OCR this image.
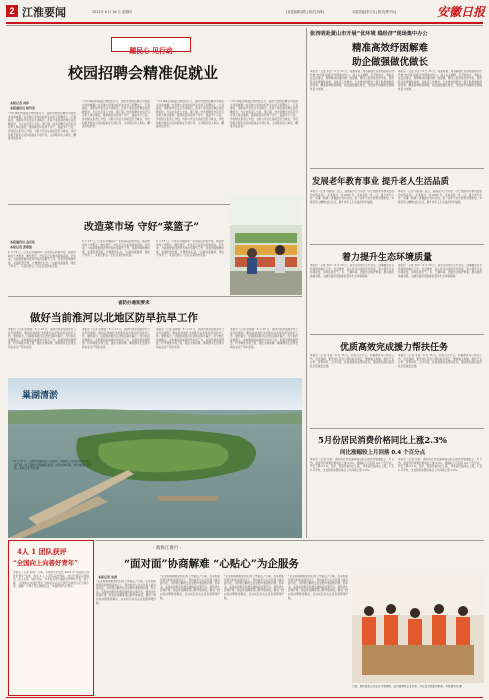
2 江淮要闻	2022年 6 月 16 日 星期四	[省委编辑部报] 版式[刘涛]	本版责编[李文永] 版式[傅中兵]	安徽日报
踵民心 见行动
校园招聘会精准促就业
本报记者 刘洋
本报通讯员 杨竹青
“今年求职的氛围让我倍感压力，因此学校的招聘会对我而言非常重要。”在安徽大学举办的毕业生线下招聘会上，记者看到，求职的毕业生们手拿简历，在各个展位前咨询企业招聘需求，与企业负责人交流。据了解，此次招聘会共有近百家用人单位参加，提供就业岗位两千余个，涵盖多个行业。学校相关负责人介绍，为助力毕业生高质量充分就业，学校积极开展访企拓岗促就业专项行动，主动联系用人单位，精准对接需求。
“今年求职的氛围让我倍感压力，因此学校的招聘会对我而言非常重要。”在安徽大学举办的毕业生线下招聘会上，记者看到，求职的毕业生们手拿简历，在各个展位前咨询企业招聘需求，与企业负责人交流。据了解，此次招聘会共有近百家用人单位参加，提供就业岗位两千余个，涵盖多个行业。学校相关负责人介绍，为助力毕业生高质量充分就业，学校积极开展访企拓岗促就业专项行动，主动联系用人单位，精准对接需求。
“今年求职的氛围让我倍感压力，因此学校的招聘会对我而言非常重要。”在安徽大学举办的毕业生线下招聘会上，记者看到，求职的毕业生们手拿简历，在各个展位前咨询企业招聘需求，与企业负责人交流。据了解，此次招聘会共有近百家用人单位参加，提供就业岗位两千余个，涵盖多个行业。学校相关负责人介绍，为助力毕业生高质量充分就业，学校积极开展访企拓岗促就业专项行动，主动联系用人单位，精准对接需求。
“今年求职的氛围让我倍感压力，因此学校的招聘会对我而言非常重要。”在安徽大学举办的毕业生线下招聘会上，记者看到，求职的毕业生们手拿简历，在各个展位前咨询企业招聘需求，与企业负责人交流。据了解，此次招聘会共有近百家用人单位参加，提供就业岗位两千余个，涵盖多个行业。学校相关负责人介绍，为助力毕业生高质量充分就业，学校积极开展访企拓岗促就业专项行动，主动联系用人单位，精准对接需求。
改造菜市场 守好“菜篮子”
本报通讯员 金亮佑
本报记者 张敬波
6 月 15 日，记者走进铜陵市一家改造后的菜市场，看到市场内干净整洁、摊位规范，市民们正在挑选新鲜蔬菜。近年来，当地持续推进农贸市场改造提升工作，改善市场购物环境，完善配套设施，方便群众生活。“以前地面湿滑，现在干净多了，买菜也舒心。”正在买菜的市民说。
6 月 15 日，记者走进铜陵市一家改造后的菜市场，看到市场内干净整洁、摊位规范，市民们正在挑选新鲜蔬菜。近年来，当地持续推进农贸市场改造提升工作，改善市场购物环境，完善配套设施，方便群众生活。“以前地面湿滑，现在干净多了，买菜也舒心。”正在买菜的市民说。
6 月 15 日，记者走进铜陵市一家改造后的菜市场，看到市场内干净整洁、摊位规范，市民们正在挑选新鲜蔬菜。近年来，当地持续推进农贸市场改造提升工作，改善市场购物环境，完善配套设施，方便群众生活。“以前地面湿滑，现在干净多了，买菜也舒心。”正在买菜的市民说。
省防办通知要求
做好当前淮河以北地区防旱抗旱工作
本报讯（记者 张敬波）6 月 15 日，省防汛抗旱指挥部办公室印发通知，要求各地做好当前淮河以北地区防旱抗旱工作。通知指出，近期我省淮河以北地区降水偏少，部分地区旱情露头。各地要高度重视防旱抗旱工作，加强旱情监测预警，科学调度水利工程，强化水源保障，确保群众生活用水和农业生产用水需求。
本报讯（记者 张敬波）6 月 15 日，省防汛抗旱指挥部办公室印发通知，要求各地做好当前淮河以北地区防旱抗旱工作。通知指出，近期我省淮河以北地区降水偏少，部分地区旱情露头。各地要高度重视防旱抗旱工作，加强旱情监测预警，科学调度水利工程，强化水源保障，确保群众生活用水和农业生产用水需求。
本报讯（记者 张敬波）6 月 15 日，省防汛抗旱指挥部办公室印发通知，要求各地做好当前淮河以北地区防旱抗旱工作。通知指出，近期我省淮河以北地区降水偏少，部分地区旱情露头。各地要高度重视防旱抗旱工作，加强旱情监测预警，科学调度水利工程，强化水源保障，确保群众生活用水和农业生产用水需求。
本报讯（记者 张敬波）6 月 15 日，省防汛抗旱指挥部办公室印发通知，要求各地做好当前淮河以北地区防旱抗旱工作。通知指出，近期我省淮河以北地区降水偏少，部分地区旱情露头。各地要高度重视防旱抗旱工作，加强旱情监测预警，科学调度水利工程，强化水源保障，确保群众生活用水和农业生产用水需求。
巢湖清淤
6 月 15 日，合肥市巢湖清淤工程现场，挖掘机正在进行清淤作业。据了解，该工程通过清除湖底淤泥，改善水体环境，提升巢湖生态功能。本报记者 程兆 摄
4人 1 团队获评
“全国向上向善好青年”
本报讯（记者 赵旭）日前，共青团中央发布 2022 年“全国向上向善好青年”名单，我省 4 人 1 团队获此殊荣。他们分别是爱岗敬业、崇义友善、诚实守信、孝老爱亲等方面的优秀青年代表。据了解，“全国向上向善好青年”选树活动旨在发挥先进典型示范引领作用，激励广大青年坚定理想信念，争做新时代好青年。
· 政协江淮行 ·
“面对面”协商解难 “心贴心”为企服务
本报记者 朱茜
“企业的困难就是我们的工作重点。”日前，在某地政协组织的协商座谈会上，政协委员与企业负责人面对面交流，共同探讨解决企业发展中遇到的问题。近年来，各级政协组织积极搭建协商议事平台，围绕优化营商环境、助企纾困解难等议题开展协商，推动一批实际问题得到解决，以实际行动为企业发展保驾护航。
“企业的困难就是我们的工作重点。”日前，在某地政协组织的协商座谈会上，政协委员与企业负责人面对面交流，共同探讨解决企业发展中遇到的问题。近年来，各级政协组织积极搭建协商议事平台，围绕优化营商环境、助企纾困解难等议题开展协商，推动一批实际问题得到解决，以实际行动为企业发展保驾护航。
“企业的困难就是我们的工作重点。”日前，在某地政协组织的协商座谈会上，政协委员与企业负责人面对面交流，共同探讨解决企业发展中遇到的问题。近年来，各级政协组织积极搭建协商议事平台，围绕优化营商环境、助企纾困解难等议题开展协商，推动一批实际问题得到解决，以实际行动为企业发展保驾护航。
“企业的困难就是我们的工作重点。”日前，在某地政协组织的协商座谈会上，政协委员与企业负责人面对面交流，共同探讨解决企业发展中遇到的问题。近年来，各级政协组织积极搭建协商议事平台，围绕优化营商环境、助企纾困解难等议题开展协商，推动一批实际问题得到解决，以实际行动为企业发展保驾护航。
日前，政协委员走进企业开展调研，面对面倾听企业诉求，为企业发展建言献策。本报通讯员 摄
张西明赴黄山市开展“优环境 稳经济”现场集中办公
精准高效纾困解难
助企做强做优做长
本报讯（记者 李浩）6 月 15 日，省委常委、常务副省长张西明赴黄山市开展“优环境 稳经济”现场集中办公，深入企业调研，召开座谈会，听取企业意见建议，帮助解决困难问题。他强调，要深入贯彻落实党中央、国务院决策部署和省委、省政府工作要求，扎实推进稳经济一揽子政策措施落地见效，精准高效纾困解难，助企做强做优做长，为经济平稳健康发展提供有力支撑。
本报讯（记者 李浩）6 月 15 日，省委常委、常务副省长张西明赴黄山市开展“优环境 稳经济”现场集中办公，深入企业调研，召开座谈会，听取企业意见建议，帮助解决困难问题。他强调，要深入贯彻落实党中央、国务院决策部署和省委、省政府工作要求，扎实推进稳经济一揽子政策措施落地见效，精准高效纾困解难，助企做强做优做长，为经济平稳健康发展提供有力支撑。
发展老年教育事业 提升老人生活品质
本报讯（记者 许蔚冰）近日，省政府办公厅印发《关于推进老年教育发展的实施意见》。意见提出，到 2025 年，全省各县（市、区）建立老年大学，乡镇（街道）普遍建立老年学校，进一步扩大老年教育资源供给，丰富老年人精神文化生活，提升老年人生活品质和幸福感。
本报讯（记者 许蔚冰）近日，省政府办公厅印发《关于推进老年教育发展的实施意见》。意见提出，到 2025 年，全省各县（市、区）建立老年大学，乡镇（街道）普遍建立老年学校，进一步扩大老年教育资源供给，丰富老年人精神文化生活，提升老年人生活品质和幸福感。
着力提升生态环境质量
本报讯（记者 朱卓）6 月 15 日，省生态环境厅召开会议，部署推进生态环境保护重点工作。会议要求，深入打好污染防治攻坚战，着力提升生态环境质量，持续改善空气、水、土壤环境，加强生态保护修复，推动绿色低碳发展，为建设美好安徽提供坚实生态环境保障。
本报讯（记者 朱卓）6 月 15 日，省生态环境厅召开会议，部署推进生态环境保护重点工作。会议要求，深入打好污染防治攻坚战，着力提升生态环境质量，持续改善空气、水、土壤环境，加强生态保护修复，推动绿色低碳发展，为建设美好安徽提供坚实生态环境保障。
优质高效完成援力帮扶任务
本报讯（记者 李浩）6 月 15 日，我省召开会议，部署推进对口帮扶工作。会议强调，要坚决扛起对口帮扶政治责任，聚焦重点领域，强化产业合作、劳务协作、人才交流，优质高效完成帮扶任务，推动帮扶地区经济社会高质量发展。
本报讯（记者 李浩）6 月 15 日，我省召开会议，部署推进对口帮扶工作。会议强调，要坚决扛起对口帮扶政治责任，聚焦重点领域，强化产业合作、劳务协作、人才交流，优质高效完成帮扶任务，推动帮扶地区经济社会高质量发展。
5月份居民消费价格同比上涨2.3%
同比涨幅较上月回落 0.4 个百分点
本报讯（记者 郑莉）国家统计局安徽调查总队日前发布数据显示，5 月份，我省居民消费价格同比上涨 2.3%，涨幅较上月回落 0.4 个百分点；环比下降 0.1%。其中，食品价格同比上涨，非食品价格同比上涨。1 至 5 月平均，全省居民消费价格比上年同期上涨 1.9%。
本报讯（记者 郑莉）国家统计局安徽调查总队日前发布数据显示，5 月份，我省居民消费价格同比上涨 2.3%，涨幅较上月回落 0.4 个百分点；环比下降 0.1%。其中，食品价格同比上涨，非食品价格同比上涨。1 至 5 月平均，全省居民消费价格比上年同期上涨 1.9%。
